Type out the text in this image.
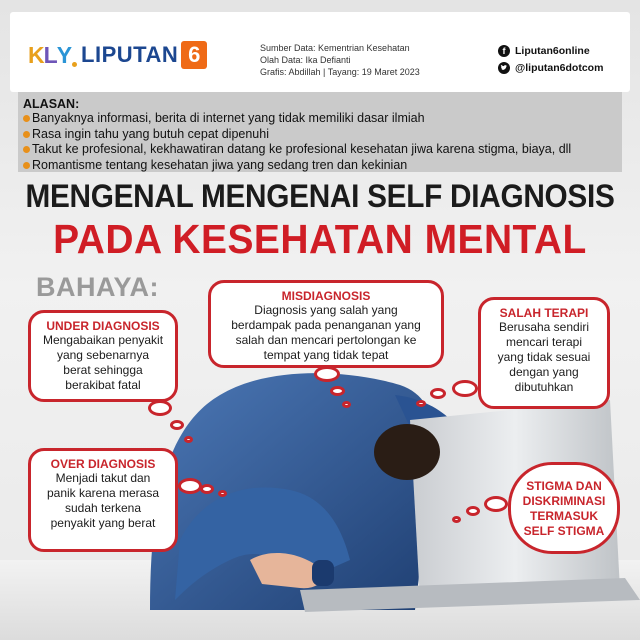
K L Y LIPUTAN 6	Sumber Data: Kementrian Kesehatan
Olah Data: Ika Defianti
Grafis: Abdillah | Tayang: 19 Maret 2023
f Liputan6online
@liputan6dotcom
ALASAN:
Banyaknya informasi, berita di internet yang tidak memiliki dasar ilmiah
Rasa ingin tahu yang butuh cepat dipenuhi
Takut ke profesional, kekhawatiran datang ke profesional kesehatan jiwa karena stigma, biaya, dll
Romantisme tentang kesehatan jiwa yang sedang tren dan kekinian
MENGENAL MENGENAI SELF DIAGNOSIS
PADA KESEHATAN MENTAL
BAHAYA:
UNDER DIAGNOSIS
Mengabaikan penyakit
yang sebenarnya
berat sehingga
berakibat fatal
MISDIAGNOSIS
Diagnosis yang salah yang
berdampak pada penanganan yang
salah dan mencari pertolongan ke
tempat yang tidak tepat
SALAH TERAPI
Berusaha sendiri
mencari terapi
yang tidak sesuai
dengan yang
dibutuhkan
OVER DIAGNOSIS
Menjadi takut dan
panik karena merasa
sudah terkena
penyakit yang berat
STIGMA DAN
DISKRIMINASI
TERMASUK
SELF STIGMA
